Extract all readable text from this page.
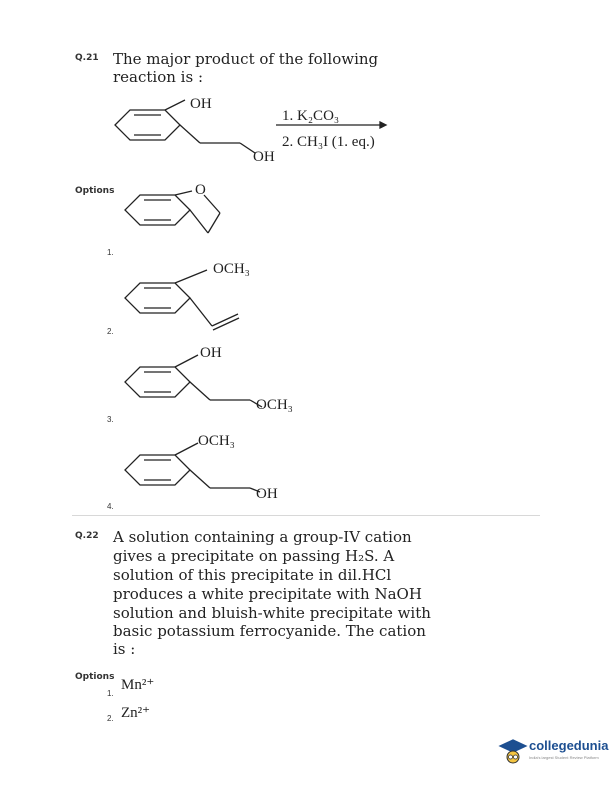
Q.21 The major product of the following
reaction is :
OH
OH
1. K₂CO₃
2. CH₃I (1. eq.)
Options	O
1.
OCH₃
2.
OH
OCH₃
3.
OCH₃
OH
4.
Q.22 A solution containing a group-IV cation
gives a precipitate on passing H₂S. A
solution of this precipitate in dil.HCl
produces a white precipitate with NaOH
solution and bluish-white precipitate with
basic potassium ferrocyanide. The cation
is :
Options Mn²⁺
1.
Zn²⁺
2.
collegedunia
India's largest Student Review Platform
